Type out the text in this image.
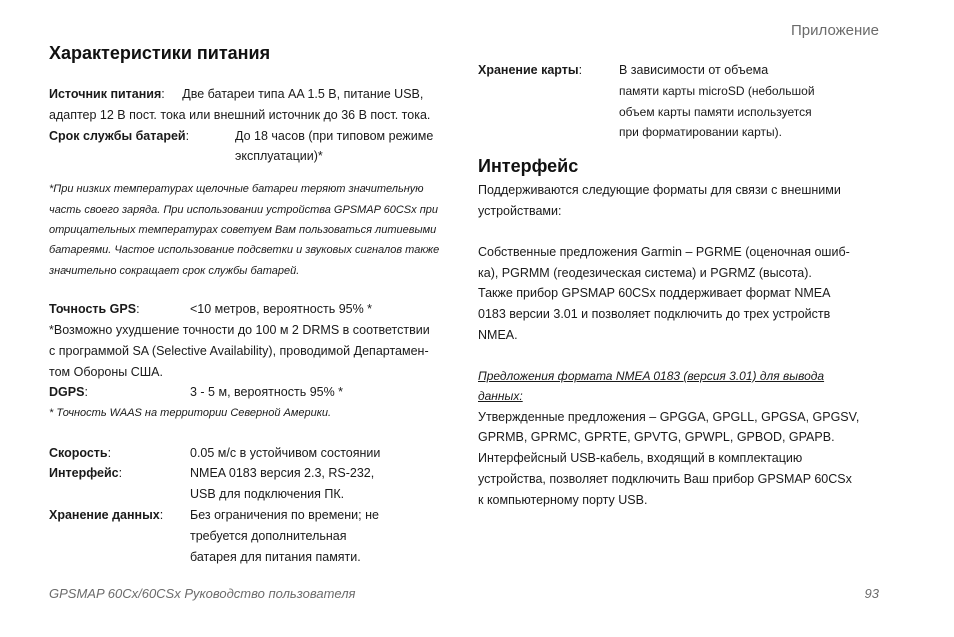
Приложение
Характеристики питания
Источник питания: Две батареи типа AA 1.5 В, питание USB,
адаптер 12 В пост. тока или внешний источник до 36 В пост. тока.
Срок службы батарей:	До 18 часов (при типовом режиме
эксплуатации)*
*При низких температурах щелочные батареи теряют значительную
часть своего заряда. При использовании устройства GPSMAP 60CSx при
отрицательных температурах советуем Вам пользоваться литиевыми
батареями. Частое использование подсветки и звуковых сигналов также
значительно сокращает срок службы батарей.
Точность GPS:	<10 метров, вероятность 95% *
*Возможно ухудшение точности до 100 м 2 DRMS в соответствии
с программой SA (Selective Availability), проводимой Департамен-
том Обороны США.
DGPS:	3 - 5 м, вероятность 95% *
* Точность WAAS на территории Северной Америки.
Скорость:	0.05 м/с в устойчивом состоянии
Интерфейс:	NMEA 0183 версия 2.3, RS-232,
USB для подключения ПК.
Хранение данных: Без ограничения по времени; не
требуется дополнительная
батарея для питания памяти.
Хранение карты:	В зависимости от объема
памяти карты microSD (небольшой
объем карты памяти используется
при форматировании карты).
Интерфейс
Поддерживаются следующие форматы для связи с внешними
устройствами:
Собственные предложения Garmin – PGRME (оценочная ошиб-
ка), PGRMM (геодезическая система) и PGRMZ (высота).
Также прибор GPSMAP 60CSx поддерживает формат NMEA
0183 версии 3.01 и позволяет подключить до трех устройств
NMEA.
Предложения формата NMEA 0183 (версия 3.01) для вывода
данных:
Утвержденные предложения – GPGGA, GPGLL, GPGSA, GPGSV,
GPRMB, GPRMC, GPRTE, GPVTG, GPWPL, GPBOD, GPAPB.
Интерфейсный USB-кабель, входящий в комплектацию
устройства, позволяет подключить Ваш прибор GPSMAP 60CSx
к компьютерному порту USB.
GPSMAP 60Cx/60CSx Руководство пользователя	93
